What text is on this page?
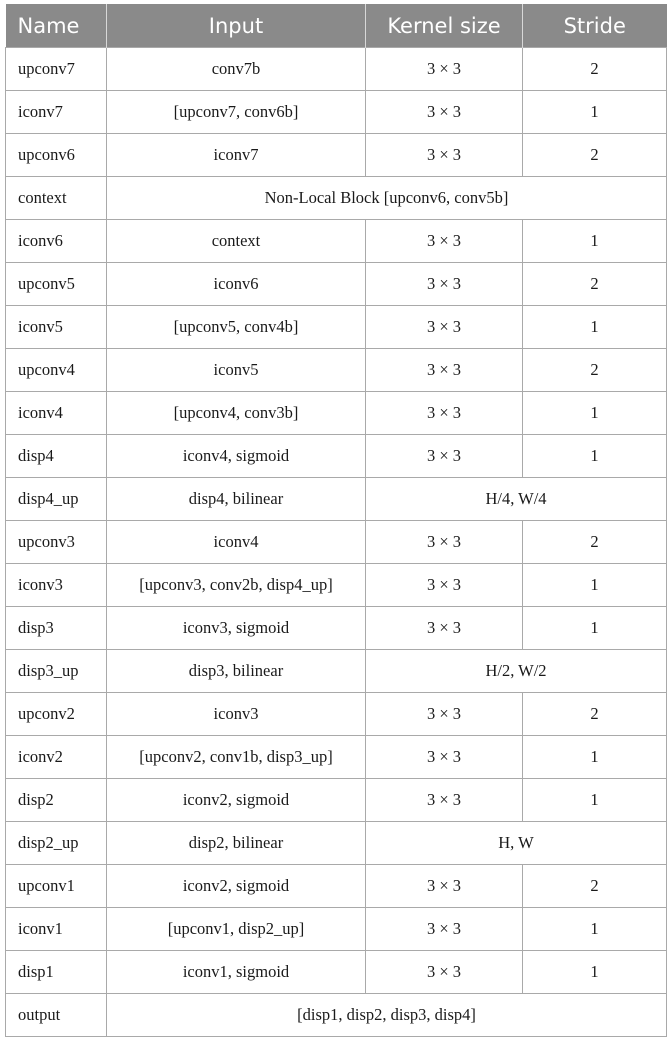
Name	Input	Kernel size	Stride
upconv7	conv7b	3 × 3	2
iconv7	[upconv7, conv6b]	3 × 3	1
upconv6	iconv7	3 × 3	2
context	Non-Local Block [upconv6, conv5b]		
iconv6	context	3 × 3	1
upconv5	iconv6	3 × 3	2
iconv5	[upconv5, conv4b]	3 × 3	1
upconv4	iconv5	3 × 3	2
iconv4	[upconv4, conv3b]	3 × 3	1
disp4	iconv4, sigmoid	3 × 3	1
disp4_up	disp4, bilinear	H/4, W/4	
upconv3	iconv4	3 × 3	2
iconv3	[upconv3, conv2b, disp4_up]	3 × 3	1
disp3	iconv3, sigmoid	3 × 3	1
disp3_up	disp3, bilinear	H/2, W/2	
upconv2	iconv3	3 × 3	2
iconv2	[upconv2, conv1b, disp3_up]	3 × 3	1
disp2	iconv2, sigmoid	3 × 3	1
disp2_up	disp2, bilinear	H, W	
upconv1	iconv2, sigmoid	3 × 3	2
iconv1	[upconv1, disp2_up]	3 × 3	1
disp1	iconv1, sigmoid	3 × 3	1
output	[disp1, disp2, disp3, disp4]		
